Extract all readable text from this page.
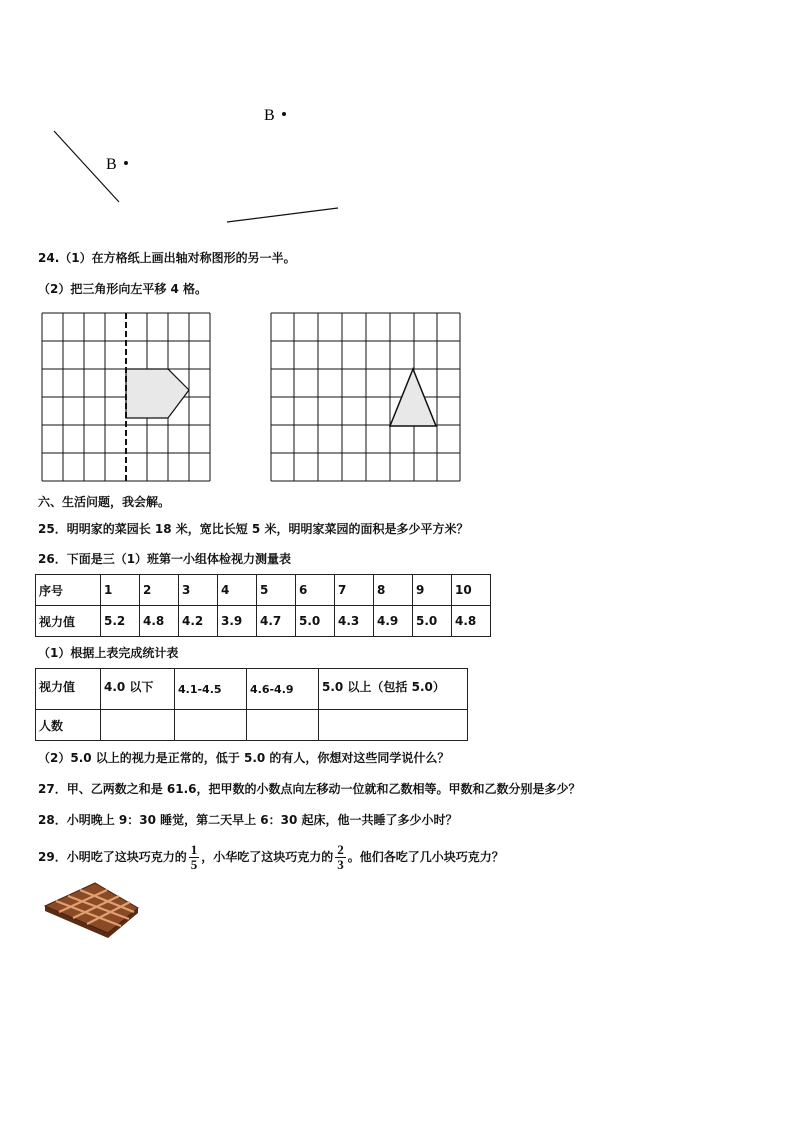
B
B
24.（1）在方格纸上画出轴对称图形的另一半。
（2）把三角形向左平移 4 格。
六、生活问题，我会解。
25．明明家的菜园长 18 米，宽比长短 5 米，明明家菜园的面积是多少平方米？
26．下面是三（1）班第一小组体检视力测量表
序号	1	2	3	4	5	6	7	8	9	10
视力值	5.2	4.8	4.2	3.9	4.7	5.0	4.3	4.9	5.0	4.8
（1）根据上表完成统计表
视力值	4.0 以下	4.1-4.5	4.6-4.9	5.0 以上（包括 5.0）
人数				
（2）5.0 以上的视力是正常的，低于 5.0 的有人，你想对这些同学说什么？
27．甲、乙两数之和是 61.6，把甲数的小数点向左移动一位就和乙数相等。甲数和乙数分别是多少？
28．小明晚上 9：30 睡觉，第二天早上 6：30 起床，他一共睡了多少小时？
29．小明吃了这块巧克力的 $\frac{1}{5}$ ，小华吃了这块巧克力的 $\frac{2}{3}$ 。他们各吃了几小块巧克力？
